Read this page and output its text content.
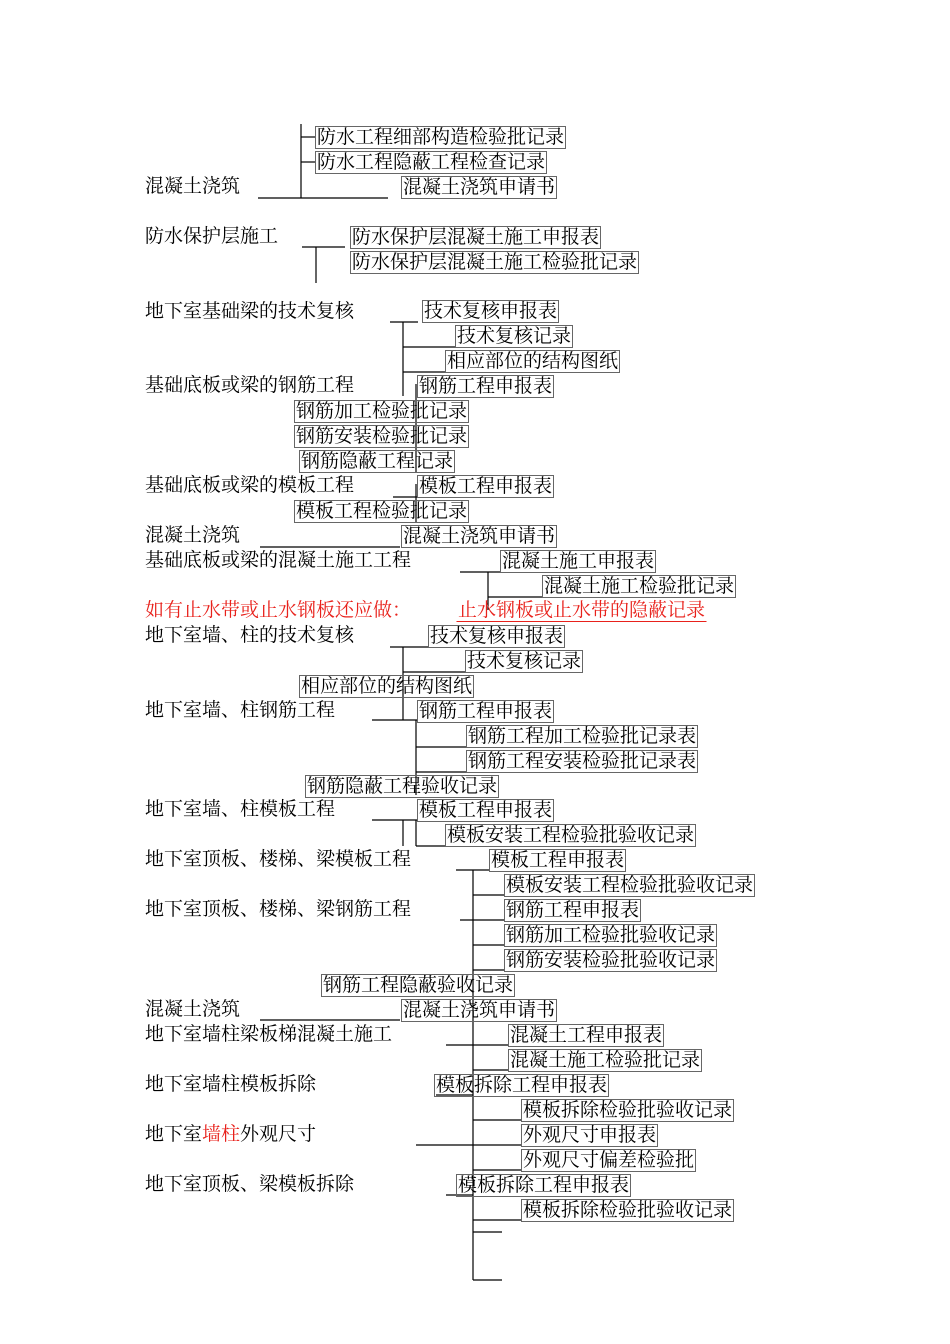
混凝土浇筑
防水保护层施工
地下室基础梁的技术复核
基础底板或梁的钢筋工程
基础底板或梁的模板工程
混凝土浇筑
基础底板或梁的混凝土施工工程
如有止水带或止水钢板还应做：
地下室墙、柱的技术复核
地下室墙、柱钢筋工程
地下室墙、柱模板工程
地下室顶板、楼梯、梁模板工程
地下室顶板、楼梯、梁钢筋工程
混凝土浇筑
地下室墙柱梁板梯混凝土施工
地下室墙柱模板拆除
地下室墙柱外观尺寸
地下室顶板、梁模板拆除
防水工程细部构造检验批记录
防水工程隐蔽工程检查记录
混凝土浇筑申请书
防水保护层混凝土施工申报表
防水保护层混凝土施工检验批记录
技术复核申报表
技术复核记录
相应部位的结构图纸
钢筋工程申报表
钢筋加工检验批记录
钢筋安装检验批记录
钢筋隐蔽工程记录
模板工程申报表
模板工程检验批记录
混凝土浇筑申请书
混凝土施工申报表
混凝土施工检验批记录
止水钢板或止水带的隐蔽记录
技术复核申报表
技术复核记录
相应部位的结构图纸
钢筋工程申报表
钢筋工程加工检验批记录表
钢筋工程安装检验批记录表
钢筋隐蔽工程验收记录
模板工程申报表
模板安装工程检验批验收记录
模板工程申报表
模板安装工程检验批验收记录
钢筋工程申报表
钢筋加工检验批验收记录
钢筋安装检验批验收记录
钢筋工程隐蔽验收记录
混凝土浇筑申请书
混凝土工程申报表
混凝土施工检验批记录
模板拆除工程申报表
模板拆除检验批验收记录
外观尺寸申报表
外观尺寸偏差检验批
模板拆除工程申报表
模板拆除检验批验收记录
